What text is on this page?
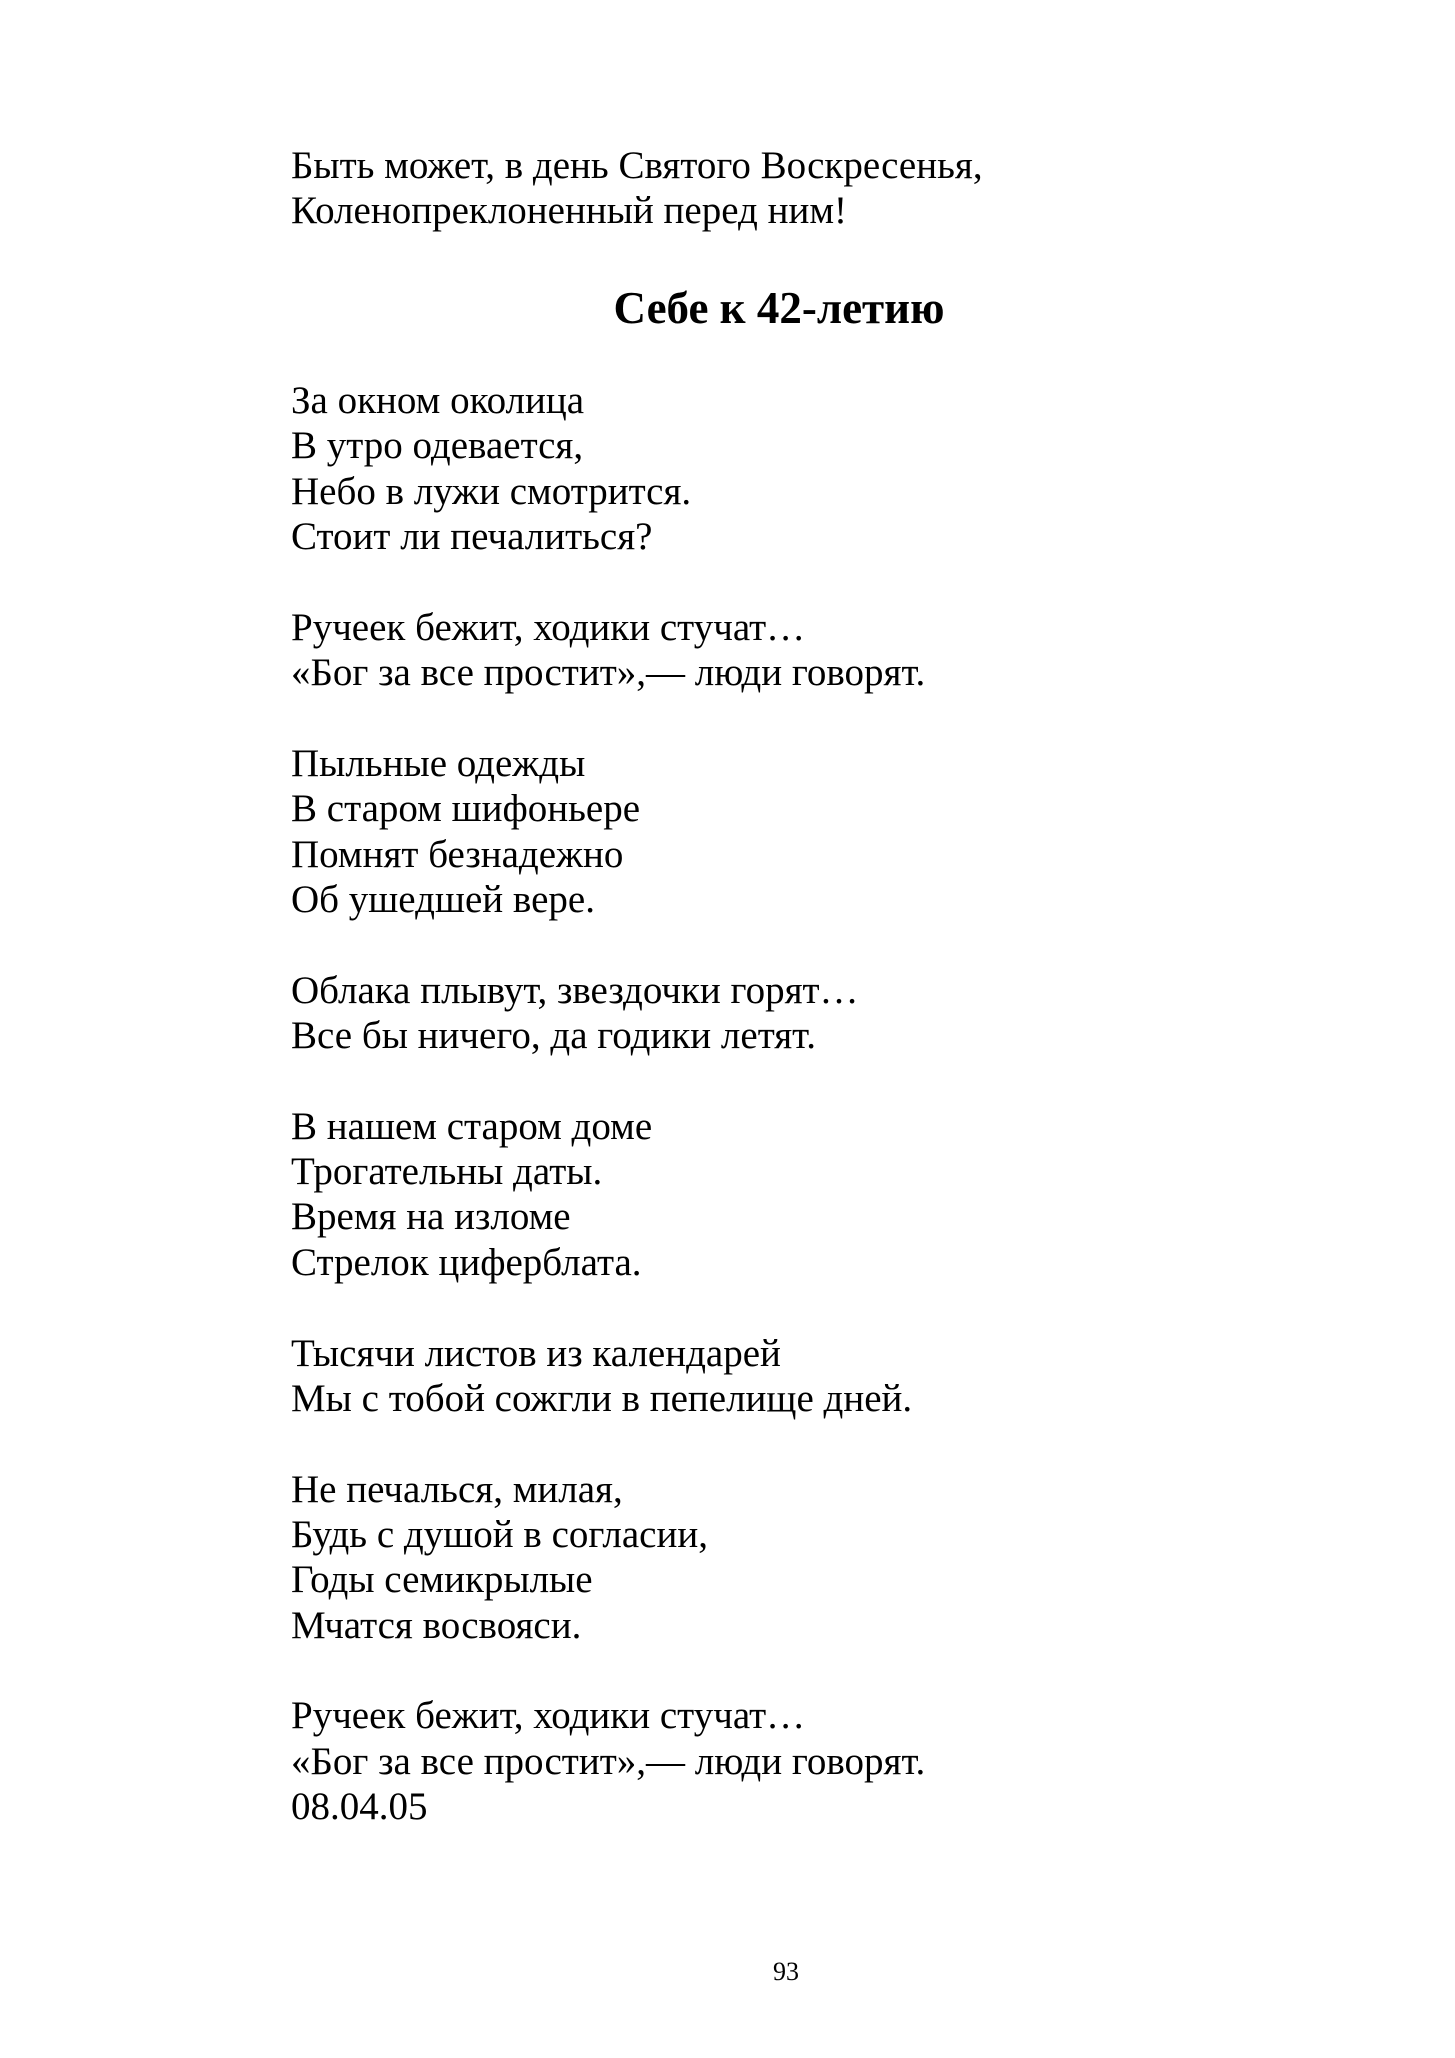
Быть может, в день Святого Воскресенья,
Коленопреклоненный перед ним!
Себе к 42-летию
За окном околица
В утро одевается,
Небо в лужи смотрится.
Стоит ли печалиться?
Ручеек бежит, ходики стучат…
«Бог за все простит»,— люди говорят.
Пыльные одежды
В старом шифоньере
Помнят безнадежно
Об ушедшей вере.
Облака плывут, звездочки горят…
Все бы ничего, да годики летят.
В нашем старом доме
Трогательны даты.
Время на изломе
Стрелок циферблата.
Тысячи листов из календарей
Мы с тобой сожгли в пепелище дней.
Не печалься, милая,
Будь с душой в согласии,
Годы семикрылые
Мчатся восвояси.
Ручеек бежит, ходики стучат…
«Бог за все простит»,— люди говорят.
08.04.05
93
